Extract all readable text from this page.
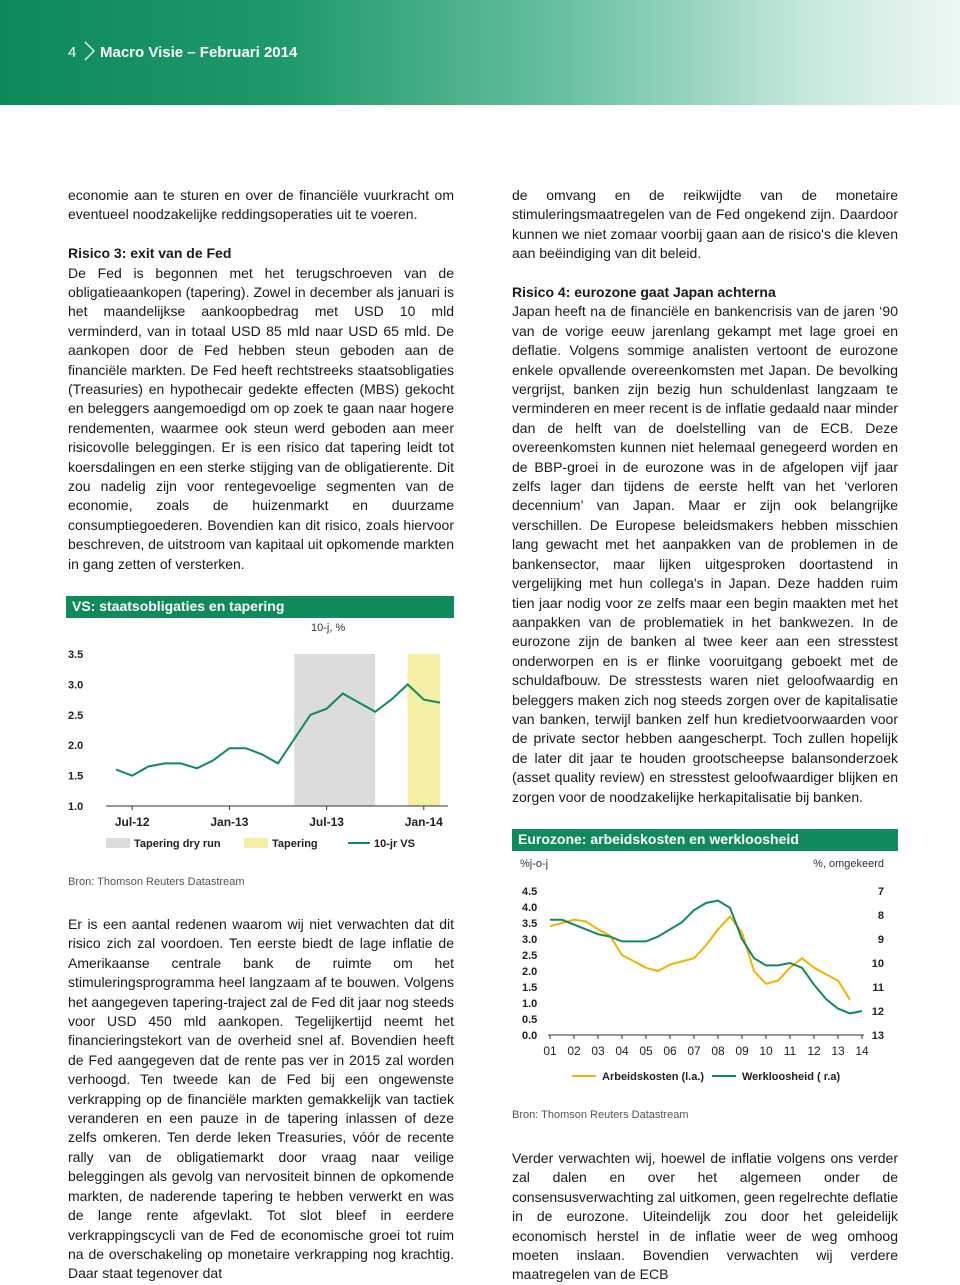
4 Macro Visie – Februari 2014

economie aan te sturen en over de financiële vuurkracht om eventueel noodzakelijke reddingsoperaties uit te voeren.

Risico 3: exit van de Fed

De Fed is begonnen met het terugschroeven van de obligatieaankopen (tapering). Zowel in december als januari is het maandelijkse aankoopbedrag met USD 10 mld verminderd, van in totaal USD 85 mld naar USD 65 mld. De aankopen door de Fed hebben steun geboden aan de financiële markten. De Fed heeft rechtstreeks staatsobligaties (Treasuries) en hypothecair gedekte effecten (MBS) gekocht en beleggers aangemoedigd om op zoek te gaan naar hogere rendementen, waarmee ook steun werd geboden aan meer risicovolle beleggingen. Er is een risico dat tapering leidt tot koersdalingen en een sterke stijging van de obligatierente. Dit zou nadelig zijn voor rentegevoelige segmenten van de economie, zoals de huizenmarkt en duurzame consumptiegoederen. Bovendien kan dit risico, zoals hiervoor beschreven, de uitstroom van kapitaal uit opkomende markten in gang zetten of versterken.

VS: staatsobligaties en tapering
10-j, %
3.5
3.0
2.5
2.0
1.5
1.0
Jul-12	Jan-13	Jul-13	Jan-14
Tapering dry run	Tapering	10-jr VS
Bron: Thomson Reuters Datastream

Er is een aantal redenen waarom wij niet verwachten dat dit risico zich zal voordoen. Ten eerste biedt de lage inflatie de Amerikaanse centrale bank de ruimte om het stimuleringsprogramma heel langzaam af te bouwen. Volgens het aangegeven tapering-traject zal de Fed dit jaar nog steeds voor USD 450 mld aankopen. Tegelijkertijd neemt het financieringstekort van de overheid snel af. Bovendien heeft de Fed aangegeven dat de rente pas ver in 2015 zal worden verhoogd. Ten tweede kan de Fed bij een ongewenste verkrapping op de financiële markten gemakkelijk van tactiek veranderen en een pauze in de tapering inlassen of deze zelfs omkeren. Ten derde leken Treasuries, vóór de recente rally van de obligatiemarkt door vraag naar veilige beleggingen als gevolg van nervositeit binnen de opkomende markten, de naderende tapering te hebben verwerkt en was de lange rente afgevlakt. Tot slot bleef in eerdere verkrappingscycli van de Fed de economische groei tot ruim na de overschakeling op monetaire verkrapping nog krachtig. Daar staat tegenover dat

de omvang en de reikwijdte van de monetaire stimuleringsmaatregelen van de Fed ongekend zijn. Daardoor kunnen we niet zomaar voorbij gaan aan de risico's die kleven aan beëindiging van dit beleid.

Risico 4: eurozone gaat Japan achterna

Japan heeft na de financiële en bankencrisis van de jaren ‘90 van de vorige eeuw jarenlang gekampt met lage groei en deflatie. Volgens sommige analisten vertoont de eurozone enkele opvallende overeenkomsten met Japan. De bevolking vergrijst, banken zijn bezig hun schuldenlast langzaam te verminderen en meer recent is de inflatie gedaald naar minder dan de helft van de doelstelling van de ECB. Deze overeenkomsten kunnen niet helemaal genegeerd worden en de BBP-groei in de eurozone was in de afgelopen vijf jaar zelfs lager dan tijdens de eerste helft van het ‘verloren decennium’ van Japan. Maar er zijn ook belangrijke verschillen. De Europese beleidsmakers hebben misschien lang gewacht met het aanpakken van de problemen in de bankensector, maar lijken uitgesproken doortastend in vergelijking met hun collega's in Japan. Deze hadden ruim tien jaar nodig voor ze zelfs maar een begin maakten met het aanpakken van de problematiek in het bankwezen. In de eurozone zijn de banken al twee keer aan een stresstest onderworpen en is er flinke vooruitgang geboekt met de schuldafbouw. De stresstests waren niet geloofwaardig en beleggers maken zich nog steeds zorgen over de kapitalisatie van banken, terwijl banken zelf hun kredietvoorwaarden voor de private sector hebben aangescherpt. Toch zullen hopelijk de later dit jaar te houden grootscheepse balansonderzoek (asset quality review) en stresstest geloofwaardiger blijken en zorgen voor de noodzakelijke herkapitalisatie bij banken.

Eurozone: arbeidskosten en werkloosheid
%j-o-j	%, omgekeerd
4.5
4.0
3.5
3.0
2.5
2.0
1.5
1.0
0.5
0.0
7
8
9
10
11
12
13
01 02 03 04 05 06 07 08 09 10 11 12 13 14
Arbeidskosten (l.a.)	Werkloosheid ( r.a)
Bron: Thomson Reuters Datastream

Verder verwachten wij, hoewel de inflatie volgens ons verder zal dalen en over het algemeen onder de consensusverwachting zal uitkomen, geen regelrechte deflatie in de eurozone. Uiteindelijk zou door het geleidelijk economisch herstel in de inflatie weer de weg omhoog moeten inslaan. Bovendien verwachten wij verdere maatregelen van de ECB
